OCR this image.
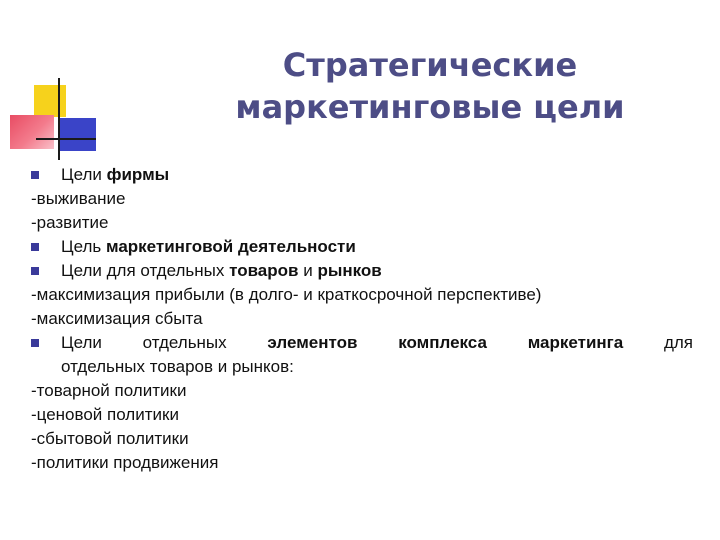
Стратегические
маркетинговые цели
Цели фирмы
-выживание
-развитие
Цель маркетинговой деятельности
Цели для отдельных товаров и рынков
-максимизация прибыли (в долго- и краткосрочной перспективе)
-максимизация сбыта
Цели отдельных элементов комплекса маркетинга для
отдельных товаров и рынков:
-товарной политики
-ценовой политики
-сбытовой политики
-политики продвижения
